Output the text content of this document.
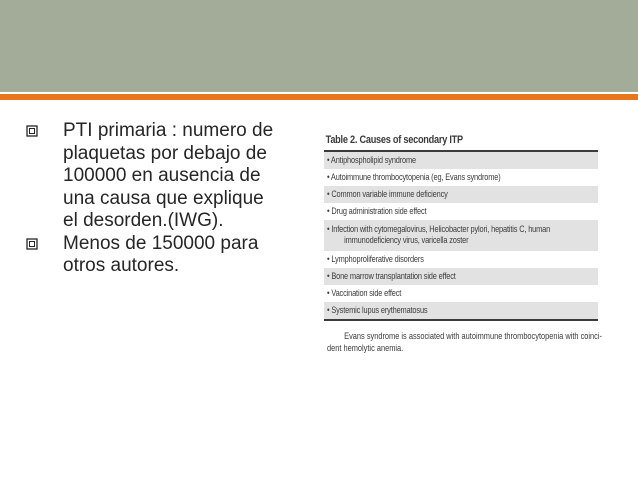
PTI primaria : numero de
plaquetas por debajo de
100000 en ausencia de
una causa que explique
el desorden.(IWG).
Menos de 150000 para
otros autores.
Table 2. Causes of secondary ITP
• Antiphospholipid syndrome
• Autoimmune thrombocytopenia (eg, Evans syndrome)
• Common variable immune deficiency
• Drug administration side effect
• Infection with cytomegalovirus, Helicobacter pylori, hepatitis C, human
immunodeficiency virus, varicella zoster
• Lymphoproliferative disorders
• Bone marrow transplantation side effect
• Vaccination side effect
• Systemic lupus erythematosus
Evans syndrome is associated with autoimmune thrombocytopenia with coinci-
dent hemolytic anemia.
